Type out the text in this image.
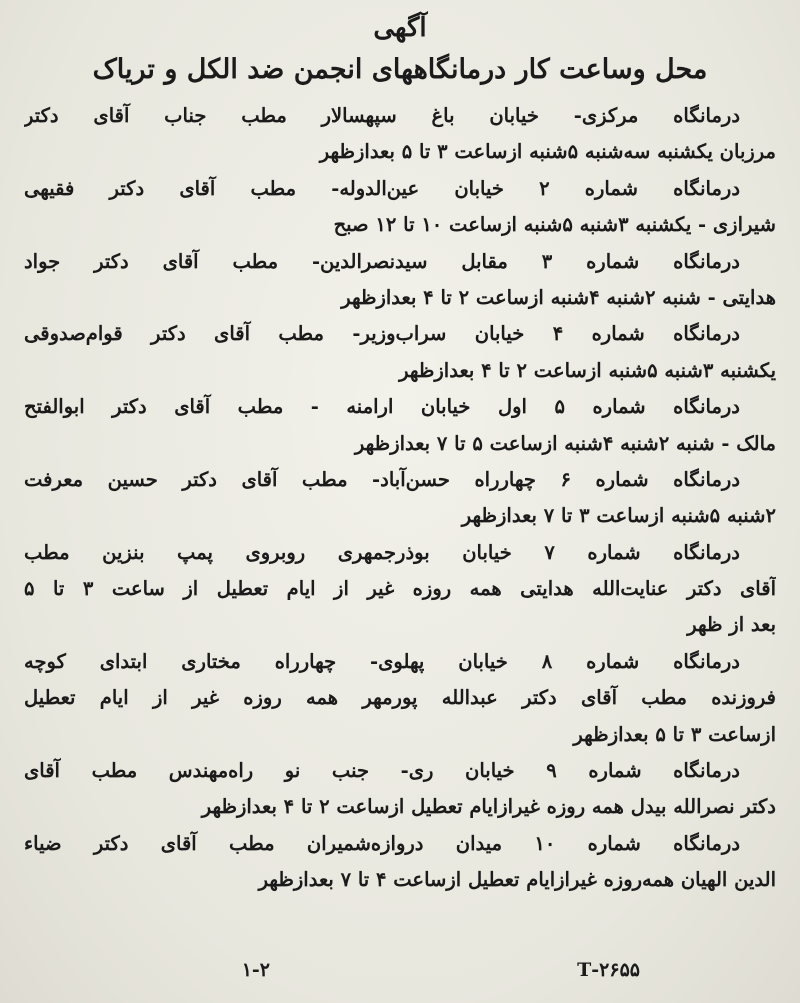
آگهی
محل وساعت کار درمانگاههای انجمن ضد الکل و تریاک
درمانگاه مرکزی- خیابان باغ سپهسالار مطب جناب آقای دکتر
مرزبان یکشنبه سه‌شنبه ۵شنبه ازساعت ۳ تا ۵ بعدازظهر
درمانگاه شماره ۲ خیابان عین‌الدوله- مطب آقای دکتر فقیهی
شیرازی - یکشنبه ۳شنبه ۵شنبه ازساعت ۱۰ تا ۱۲ صبح
درمانگاه شماره ۳ مقابل سیدنصرالدین- مطب آقای دکتر جواد
هدایتی - شنبه ۲شنبه ۴شنبه ازساعت ۲ تا ۴ بعدازظهر
درمانگاه شماره ۴ خیابان سراب‌وزیر- مطب آقای دکتر قوام‌صدوقی
یکشنبه ۳شنبه ۵شنبه ازساعت ۲ تا ۴ بعدازظهر
درمانگاه شماره ۵ اول خیابان ارامنه - مطب آقای دکتر ابوالفتح
مالک - شنبه ۲شنبه ۴شنبه ازساعت ۵ تا ۷ بعدازظهر
درمانگاه شماره ۶ چهارراه حسن‌آباد- مطب آقای دکتر حسین معرفت
۲شنبه ۵شنبه ازساعت ۳ تا ۷ بعدازظهر
درمانگاه شماره ۷ خیابان بوذرجمهری روبروی پمپ بنزین مطب
آقای دکتر عنایت‌الله هدایتی همه روزه غیر از ایام تعطیل از ساعت ۳ تا ۵
بعد از ظهر
درمانگاه شماره ۸ خیابان پهلوی- چهارراه مختاری ابتدای کوچه
فروزنده مطب آقای دکتر عبدالله پورمهر همه روزه غیر از ایام تعطیل
ازساعت ۳ تا ۵ بعدازظهر
درمانگاه شماره ۹ خیابان ری- جنب نو راه‌مهندس مطب آقای
دکتر نصرالله بیدل همه روزه غیرازایام تعطیل ازساعت ۲ تا ۴ بعدازظهر
درمانگاه شماره ۱۰ میدان دروازه‌شمیران مطب آقای دکتر ضیاء
الدین الهیان همه‌روزه غیرازایام تعطیل ازساعت ۴ تا ۷ بعدازظهر
۲۶۵۵-T
۱-۲
